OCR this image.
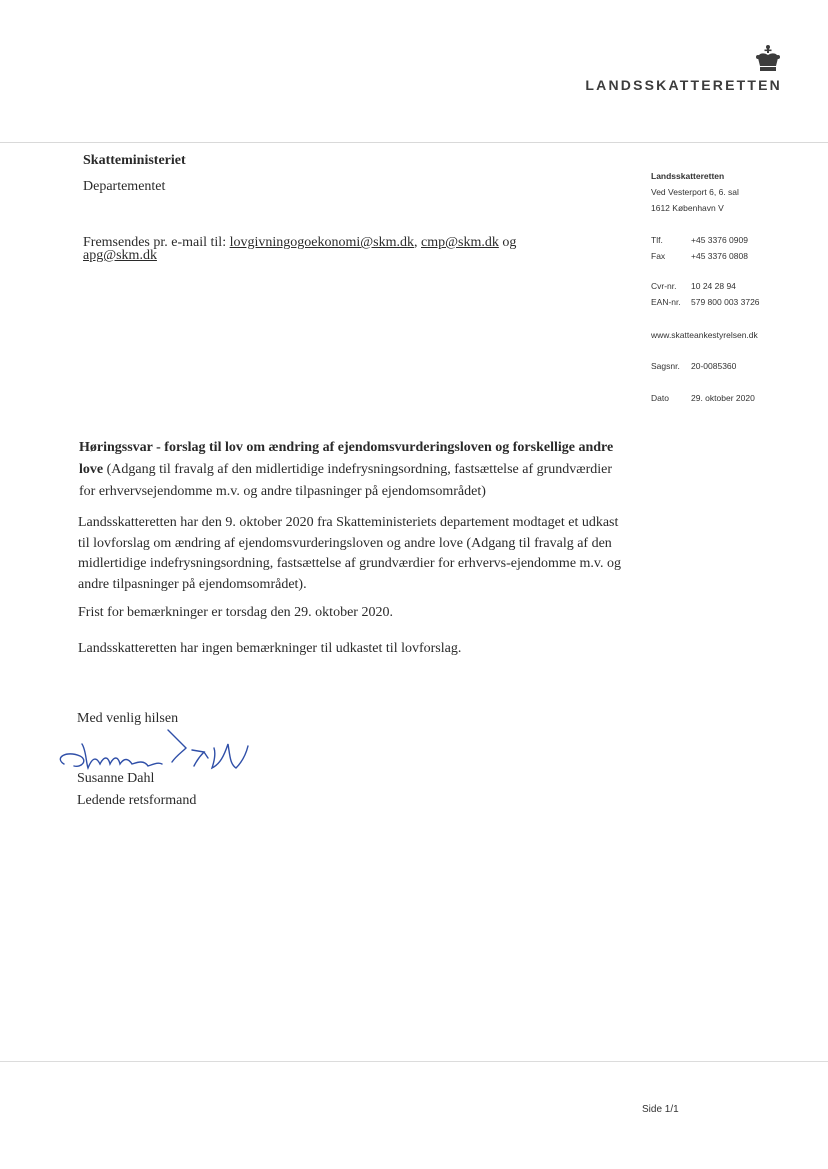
LANDSSKATTERETTEN
Skatteministeriet
Departementet
Fremsendes pr. e-mail til: lovgivningogoekonomi@skm.dk, cmp@skm.dk og apg@skm.dk
Landsskatteretten
Ved Vesterport 6, 6. sal
1612 København V
Tlf.	+45 3376 0909
Fax	+45 3376 0808
Cvr-nr. 10 24 28 94
EAN-nr. 579 800 003 3726
www.skatteankestyrelsen.dk
Sagsnr. 20-0085360
Dato	29. oktober 2020
Høringssvar - forslag til lov om ændring af ejendomsvurderingsloven og forskellige andre love (Adgang til fravalg af den midlertidige indefrysningsordning, fastsættelse af grundværdier for erhvervsejendomme m.v. og andre tilpasninger på ejendomsområdet)
Landsskatteretten har den 9. oktober 2020 fra Skatteministeriets departement modtaget et udkast til lovforslag om ændring af ejendomsvurderingsloven og andre love (Adgang til fravalg af den midlertidige indefrysningsordning, fastsættelse af grundværdier for erhvervs-ejendomme m.v. og andre tilpasninger på ejendomsområdet).
Frist for bemærkninger er torsdag den 29. oktober 2020.
Landsskatteretten har ingen bemærkninger til udkastet til lovforslag.
Med venlig hilsen
Susanne Dahl
Ledende retsformand
Side 1/1
